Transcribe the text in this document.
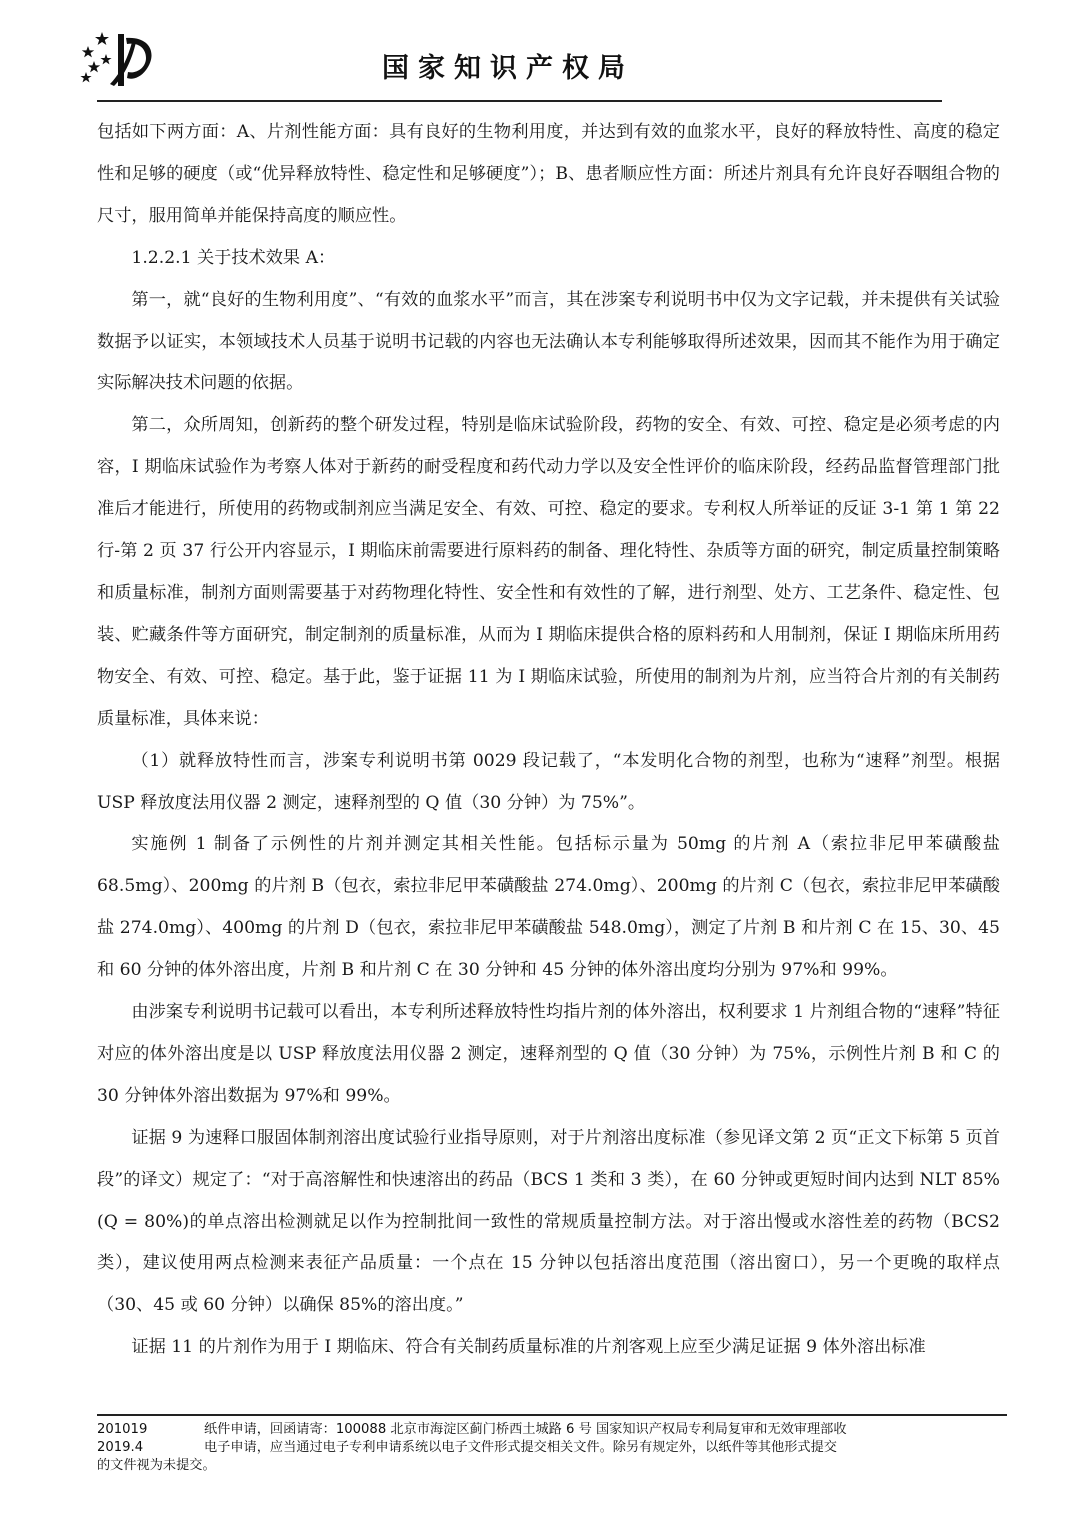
国家知识产权局

包括如下两方面：A、片剂性能方面：具有良好的生物利用度，并达到有效的血浆水平，良好的释放特性、高度的稳定性和足够的硬度（或“优异释放特性、稳定性和足够硬度”）；B、患者顺应性方面：所述片剂具有允许良好吞咽组合物的尺寸，服用简单并能保持高度的顺应性。

1.2.2.1 关于技术效果 A：

第一，就“良好的生物利用度”、“有效的血浆水平”而言，其在涉案专利说明书中仅为文字记载，并未提供有关试验数据予以证实，本领域技术人员基于说明书记载的内容也无法确认本专利能够取得所述效果，因而其不能作为用于确定实际解决技术问题的依据。

第二，众所周知，创新药的整个研发过程，特别是临床试验阶段，药物的安全、有效、可控、稳定是必须考虑的内容，I 期临床试验作为考察人体对于新药的耐受程度和药代动力学以及安全性评价的临床阶段，经药品监督管理部门批准后才能进行，所使用的药物或制剂应当满足安全、有效、可控、稳定的要求。专利权人所举证的反证 3-1 第 1 第 22 行-第 2 页 37 行公开内容显示，I 期临床前需要进行原料药的制备、理化特性、杂质等方面的研究，制定质量控制策略和质量标准，制剂方面则需要基于对药物理化特性、安全性和有效性的了解，进行剂型、处方、工艺条件、稳定性、包装、贮藏条件等方面研究，制定制剂的质量标准，从而为 I 期临床提供合格的原料药和人用制剂，保证 I 期临床所用药物安全、有效、可控、稳定。基于此，鉴于证据 11 为 I 期临床试验，所使用的制剂为片剂，应当符合片剂的有关制药质量标准，具体来说：

（1）就释放特性而言，涉案专利说明书第 0029 段记载了，“本发明化合物的剂型，也称为“速释”剂型。根据 USP 释放度法用仪器 2 测定，速释剂型的 Q 值（30 分钟）为 75%”。

实施例 1 制备了示例性的片剂并测定其相关性能。包括标示量为 50mg 的片剂 A（索拉非尼甲苯磺酸盐 68.5mg）、200mg 的片剂 B（包衣，索拉非尼甲苯磺酸盐 274.0mg）、200mg 的片剂 C（包衣，索拉非尼甲苯磺酸盐 274.0mg）、400mg 的片剂 D（包衣，索拉非尼甲苯磺酸盐 548.0mg），测定了片剂 B 和片剂 C 在 15、30、45 和 60 分钟的体外溶出度，片剂 B 和片剂 C 在 30 分钟和 45 分钟的体外溶出度均分别为 97%和 99%。

由涉案专利说明书记载可以看出，本专利所述释放特性均指片剂的体外溶出，权利要求 1 片剂组合物的“速释”特征对应的体外溶出度是以 USP 释放度法用仪器 2 测定，速释剂型的 Q 值（30 分钟）为 75%，示例性片剂 B 和 C 的 30 分钟体外溶出数据为 97%和 99%。

证据 9 为速释口服固体制剂溶出度试验行业指导原则，对于片剂溶出度标准（参见译文第 2 页“正文下标第 5 页首段”的译文）规定了：“对于高溶解性和快速溶出的药品（BCS 1 类和 3 类），在 60 分钟或更短时间内达到 NLT 85% (Q = 80%)的单点溶出检测就足以作为控制批间一致性的常规质量控制方法。对于溶出慢或水溶性差的药物（BCS2 类），建议使用两点检测来表征产品质量：一个点在 15 分钟以包括溶出度范围（溶出窗口），另一个更晚的取样点（30、45 或 60 分钟）以确保 85%的溶出度。”

证据 11 的片剂作为用于 I 期临床、符合有关制药质量标准的片剂客观上应至少满足证据 9 体外溶出标准

201019	纸件申请，回函请寄：100088 北京市海淀区蓟门桥西土城路 6 号 国家知识产权局专利局复审和无效审理部收
2019.4	电子申请，应当通过电子专利申请系统以电子文件形式提交相关文件。除另有规定外，以纸件等其他形式提交
的文件视为未提交。
